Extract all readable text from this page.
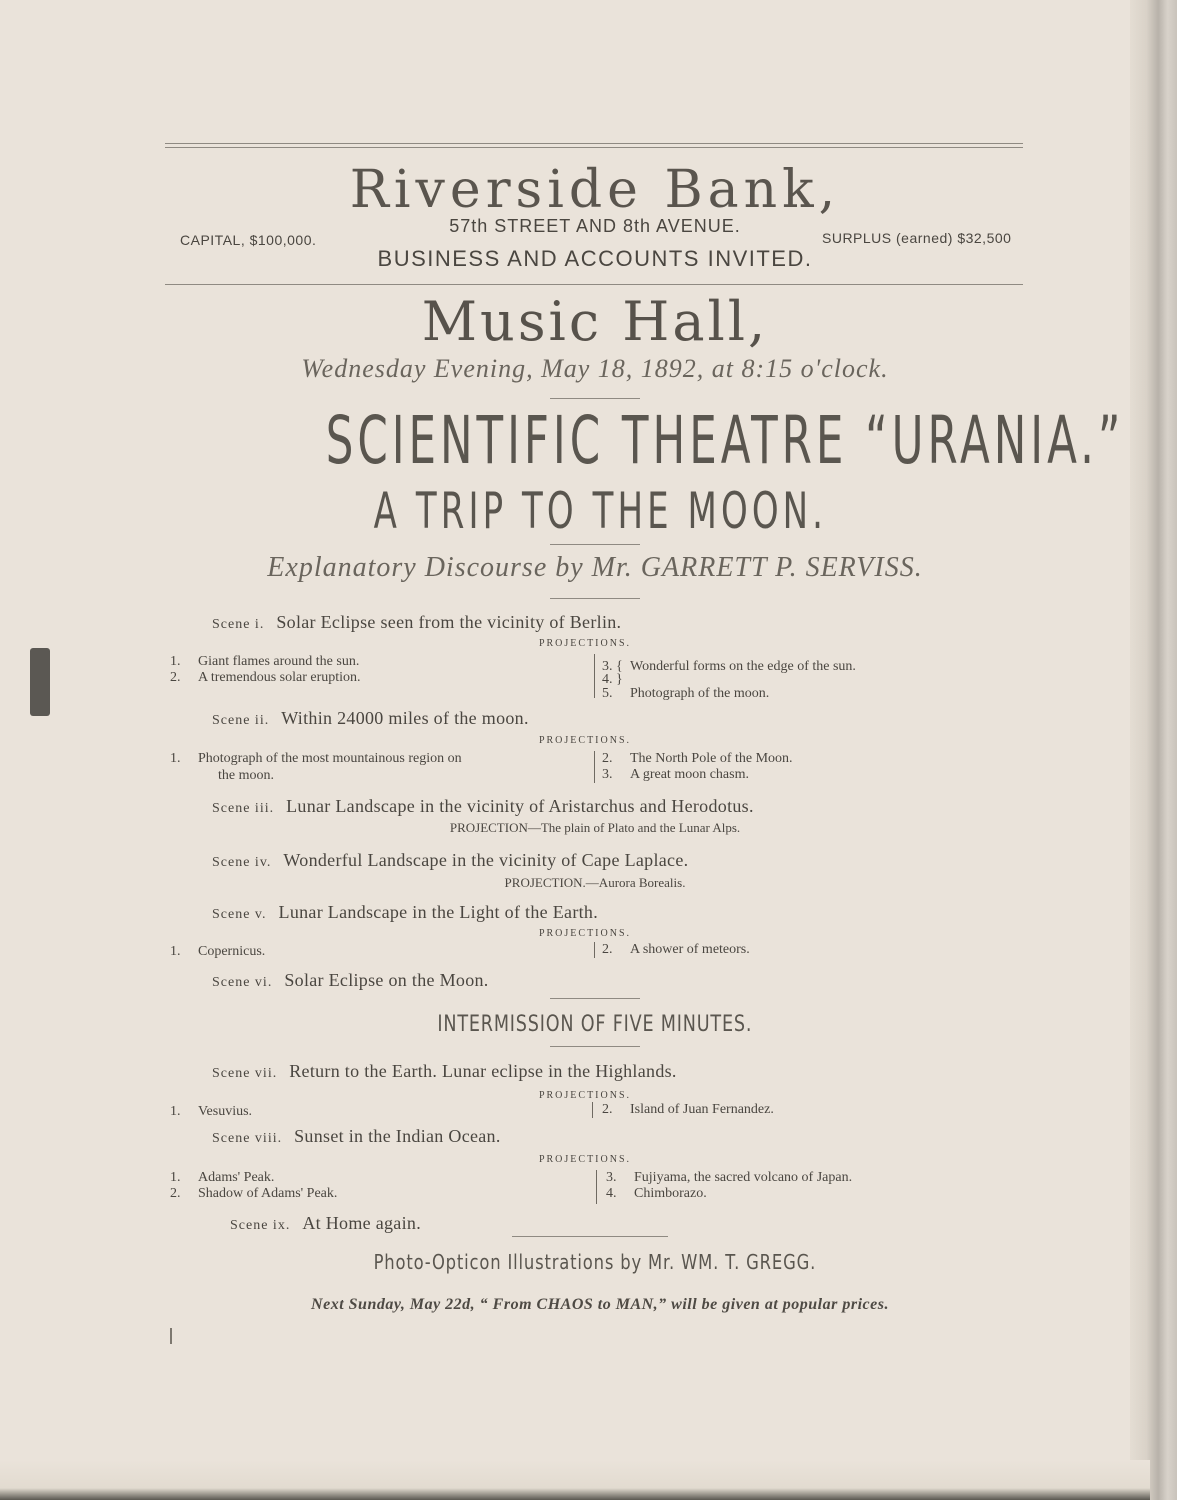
Riverside Bank,
57th STREET AND 8th AVENUE.
CAPITAL, $100,000.	SURPLUS (earned) $32,500
BUSINESS AND ACCOUNTS INVITED.
Music Hall,
Wednesday Evening, May 18, 1892, at 8:15 o'clock.
SCIENTIFIC THEATRE “URANIA.”
A TRIP TO THE MOON.
Explanatory Discourse by Mr. GARRETT P. SERVISS.
Scene i. Solar Eclipse seen from the vicinity of Berlin.
PROJECTIONS.
1. Giant flames around the sun.
2. A tremendous solar eruption.
3. { Wonderful forms on the edge of the sun.
4. }
5. Photograph of the moon.
Scene ii. Within 24000 miles of the moon.
PROJECTIONS.
1. Photograph of the most mountainous region on
the moon.
2. The North Pole of the Moon.
3. A great moon chasm.
Scene iii. Lunar Landscape in the vicinity of Aristarchus and Herodotus.
PROJECTION—The plain of Plato and the Lunar Alps.
Scene iv. Wonderful Landscape in the vicinity of Cape Laplace.
PROJECTION.—Aurora Borealis.
Scene v. Lunar Landscape in the Light of the Earth.
PROJECTIONS.
1. Copernicus.	2. A shower of meteors.
Scene vi. Solar Eclipse on the Moon.
INTERMISSION OF FIVE MINUTES.
Scene vii. Return to the Earth. Lunar eclipse in the Highlands.
PROJECTIONS.
1. Vesuvius.	2. Island of Juan Fernandez.
Scene viii. Sunset in the Indian Ocean.
PROJECTIONS.
1. Adams' Peak.
2. Shadow of Adams' Peak.
3. Fujiyama, the sacred volcano of Japan.
4. Chimborazo.
Scene ix. At Home again.
Photo-Opticon Illustrations by Mr. WM. T. GREGG.
Next Sunday, May 22d, “ From CHAOS to MAN,” will be given at popular prices.
